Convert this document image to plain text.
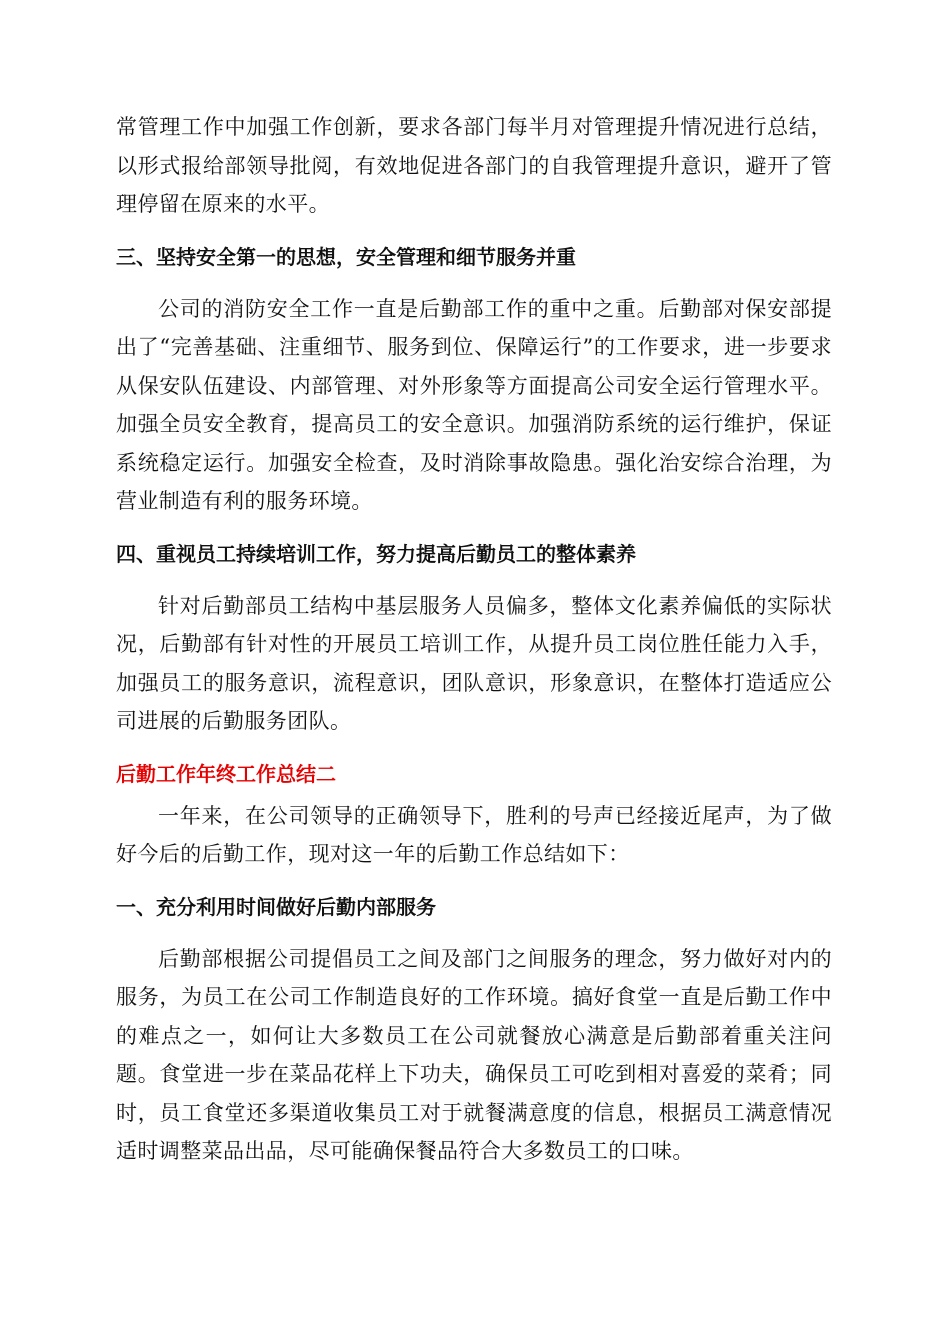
常管理工作中加强工作创新，要求各部门每半月对管理提升情况进行总结，以形式报给部领导批阅，有效地促进各部门的自我管理提升意识，避开了管理停留在原来的水平。

三、坚持安全第一的思想，安全管理和细节服务并重

公司的消防安全工作一直是后勤部工作的重中之重。后勤部对保安部提出了“完善基础、注重细节、服务到位、保障运行”的工作要求，进一步要求从保安队伍建设、内部管理、对外形象等方面提高公司安全运行管理水平。加强全员安全教育，提高员工的安全意识。加强消防系统的运行维护，保证系统稳定运行。加强安全检查，及时消除事故隐患。强化治安综合治理，为营业制造有利的服务环境。

四、重视员工持续培训工作，努力提高后勤员工的整体素养

针对后勤部员工结构中基层服务人员偏多，整体文化素养偏低的实际状况，后勤部有针对性的开展员工培训工作，从提升员工岗位胜任能力入手，加强员工的服务意识，流程意识，团队意识，形象意识，在整体打造适应公司进展的后勤服务团队。

后勤工作年终工作总结二

一年来，在公司领导的正确领导下，胜利的号声已经接近尾声，为了做好今后的后勤工作，现对这一年的后勤工作总结如下：

一、充分利用时间做好后勤内部服务

后勤部根据公司提倡员工之间及部门之间服务的理念，努力做好对内的服务，为员工在公司工作制造良好的工作环境。搞好食堂一直是后勤工作中的难点之一，如何让大多数员工在公司就餐放心满意是后勤部着重关注问题。食堂进一步在菜品花样上下功夫，确保员工可吃到相对喜爱的菜肴；同时，员工食堂还多渠道收集员工对于就餐满意度的信息，根据员工满意情况适时调整菜品出品，尽可能确保餐品符合大多数员工的口味。
